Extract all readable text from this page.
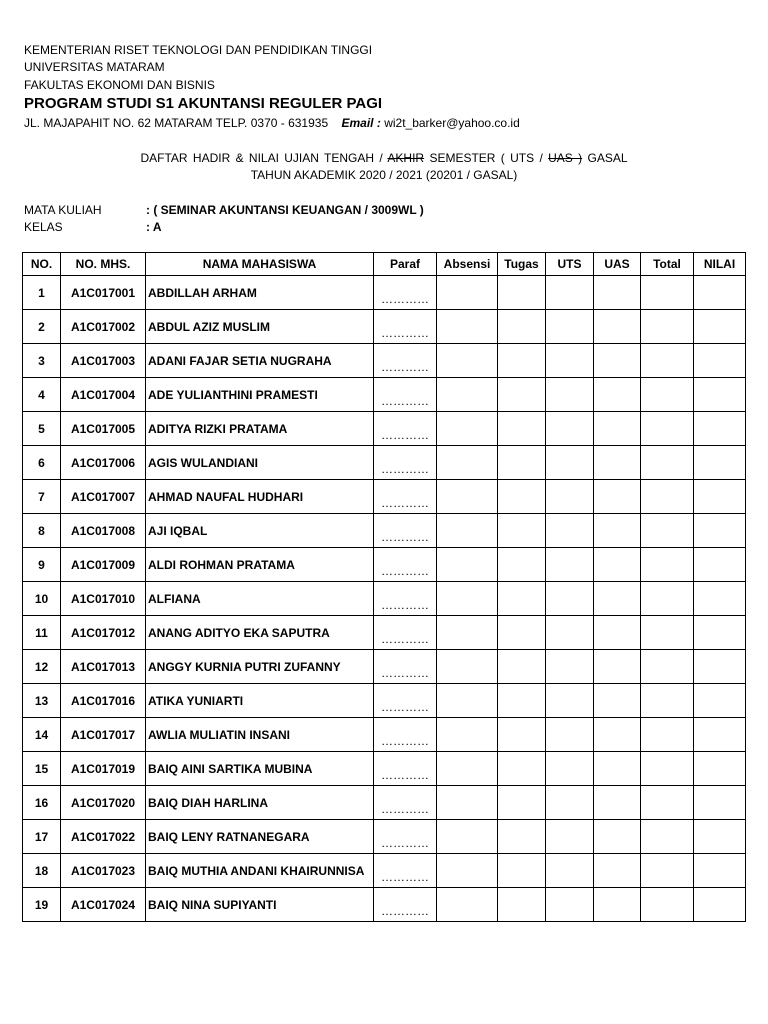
KEMENTERIAN RISET TEKNOLOGI DAN PENDIDIKAN TINGGI
UNIVERSITAS MATARAM
FAKULTAS EKONOMI DAN BISNIS
PROGRAM STUDI S1 AKUNTANSI REGULER PAGI
JL. MAJAPAHIT NO. 62 MATARAM TELP. 0370 - 631935 Email : wi2t_barker@yahoo.co.id
DAFTAR HADIR & NILAI UJIAN TENGAH / AKHIR SEMESTER ( UTS / UAS ) GASAL
TAHUN AKADEMIK 2020 / 2021 (20201 / GASAL)
MATA KULIAH	: ( SEMINAR AKUNTANSI KEUANGAN / 3009WL )
KELAS	: A
NO.	NO. MHS.	NAMA MAHASISWA	Paraf	Absensi	Tugas	UTS	UAS	Total	NILAI
1	A1C017001	ABDILLAH ARHAM	…………						
2	A1C017002	ABDUL AZIZ MUSLIM	…………						
3	A1C017003	ADANI FAJAR SETIA NUGRAHA	…………						
4	A1C017004	ADE YULIANTHINI PRAMESTI	…………						
5	A1C017005	ADITYA RIZKI PRATAMA	…………						
6	A1C017006	AGIS WULANDIANI	…………						
7	A1C017007	AHMAD NAUFAL HUDHARI	…………						
8	A1C017008	AJI IQBAL	…………						
9	A1C017009	ALDI ROHMAN PRATAMA	…………						
10	A1C017010	ALFIANA	…………						
11	A1C017012	ANANG ADITYO EKA SAPUTRA	…………						
12	A1C017013	ANGGY KURNIA PUTRI ZUFANNY	…………						
13	A1C017016	ATIKA YUNIARTI	…………						
14	A1C017017	AWLIA MULIATIN INSANI	…………						
15	A1C017019	BAIQ AINI SARTIKA MUBINA	…………						
16	A1C017020	BAIQ DIAH HARLINA	…………						
17	A1C017022	BAIQ LENY RATNANEGARA	…………						
18	A1C017023	BAIQ MUTHIA ANDANI KHAIRUNNISA	…………						
19	A1C017024	BAIQ NINA SUPIYANTI	…………						
